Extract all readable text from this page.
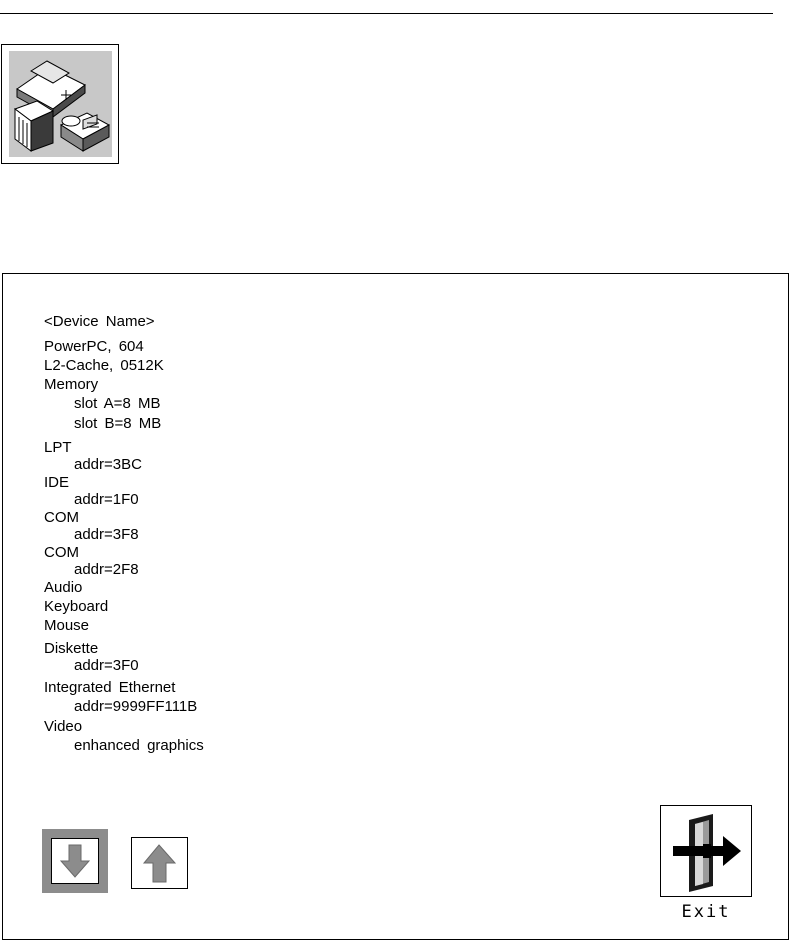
<Device Name>
PowerPC, 604
L2-Cache, 0512K
Memory
slot A=8 MB
slot B=8 MB
LPT
addr=3BC
IDE
addr=1F0
COM
addr=3F8
COM
addr=2F8
Audio
Keyboard
Mouse
Diskette
addr=3F0
Integrated Ethernet
addr=9999FF111B
Video
enhanced graphics
Exit
